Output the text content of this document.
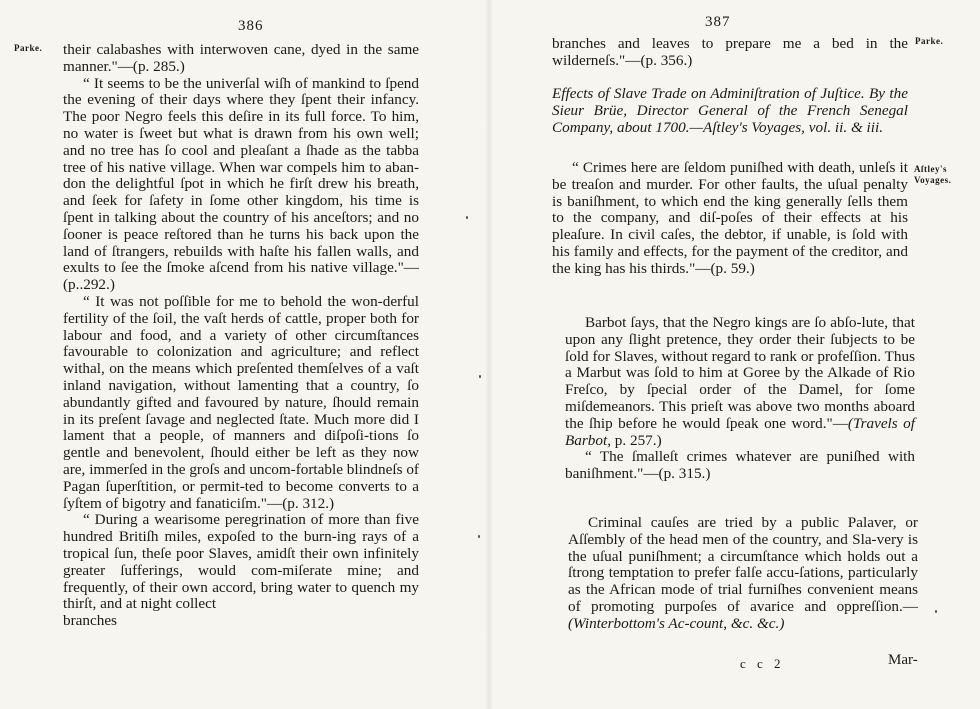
386
Parke. their calabashes with interwoven cane, dyed in the same manner."—(p. 285.)

“ It seems to be the univerſal wiſh of mankind to ſpend the evening of their days where they ſpent their infancy. The poor Negro feels this deſire in its full force. To him, no water is ſweet but what is drawn from his own well; and no tree has ſo cool and pleaſant a ſhade as the tabba tree of his native village. When war compels him to aban-don the delightful ſpot in which he firſt drew his breath, and ſeek for ſafety in ſome other kingdom, his time is ſpent in talking about the country of his anceſtors; and no ſooner is peace reſtored than he turns his back upon the land of ſtrangers, rebuilds with haſte his fallen walls, and exults to ſee the ſmoke aſcend from his native village."—(p..292.)

“ It was not poſſible for me to behold the won-derful fertility of the ſoil, the vaſt herds of cattle, proper both for labour and food, and a variety of other circumſtances favourable to colonization and agriculture; and reflect withal, on the means which preſented themſelves of a vaſt inland navigation, without lamenting that a country, ſo abundantly gifted and favoured by nature, ſhould remain in its preſent ſavage and neglected ſtate. Much more did I lament that a people, of manners and diſpoſi-tions ſo gentle and benevolent, ſhould either be left as they now are, immerſed in the groſs and uncom-fortable blindneſs of Pagan ſuperſtition, or permit-ted to become converts to a ſyſtem of bigotry and fanaticiſm."—(p. 312.)

“ During a wearisome peregrination of more than five hundred Britiſh miles, expoſed to the burn-ing rays of a tropical ſun, theſe poor Slaves, amidſt their own infinitely greater ſufferings, would com-miſerate mine; and frequently, of their own accord, bring water to quench my thirſt, and at night collect

branches

387
Parke.
Aſtley's Voyages.

branches and leaves to prepare me a bed in the wilderneſs."—(p. 356.)

Effects of Slave Trade on Adminiſtration of Juſtice. By the Sieur Brüe, Director General of the French Senegal Company, about 1700.—Aſtley's Voyages, vol. ii. & iii.

“ Crimes here are ſeldom puniſhed with death, unleſs it be treaſon and murder. For other faults, the uſual penalty is baniſhment, to which end the king generally ſells them to the company, and diſ-poſes of their effects at his pleaſure. In civil caſes, the debtor, if unable, is ſold with his family and effects, for the payment of the creditor, and the king has his thirds."—(p. 59.)

Barbot ſays, that the Negro kings are ſo abſo-lute, that upon any ſlight pretence, they order their ſubjects to be ſold for Slaves, without regard to rank or profeſſion. Thus a Marbut was ſold to him at Goree by the Alkade of Rio Freſco, by ſpecial order of the Damel, for ſome miſdemeanors. This prieſt was above two months aboard the ſhip before he would ſpeak one word."—(Travels of Barbot, p. 257.)

“ The ſmalleſt crimes whatever are puniſhed with baniſhment."—(p. 315.)

Criminal cauſes are tried by a public Palaver, or Aſſembly of the head men of the country, and Sla-very is the uſual puniſhment; a circumſtance which holds out a ſtrong temptation to prefer falſe accu-ſations, particularly as the African mode of trial furniſhes convenient means of promoting purpoſes of avarice and oppreſſion.—(Winterbottom's Ac-count, &c. &c.)

c c 2	Mar-
